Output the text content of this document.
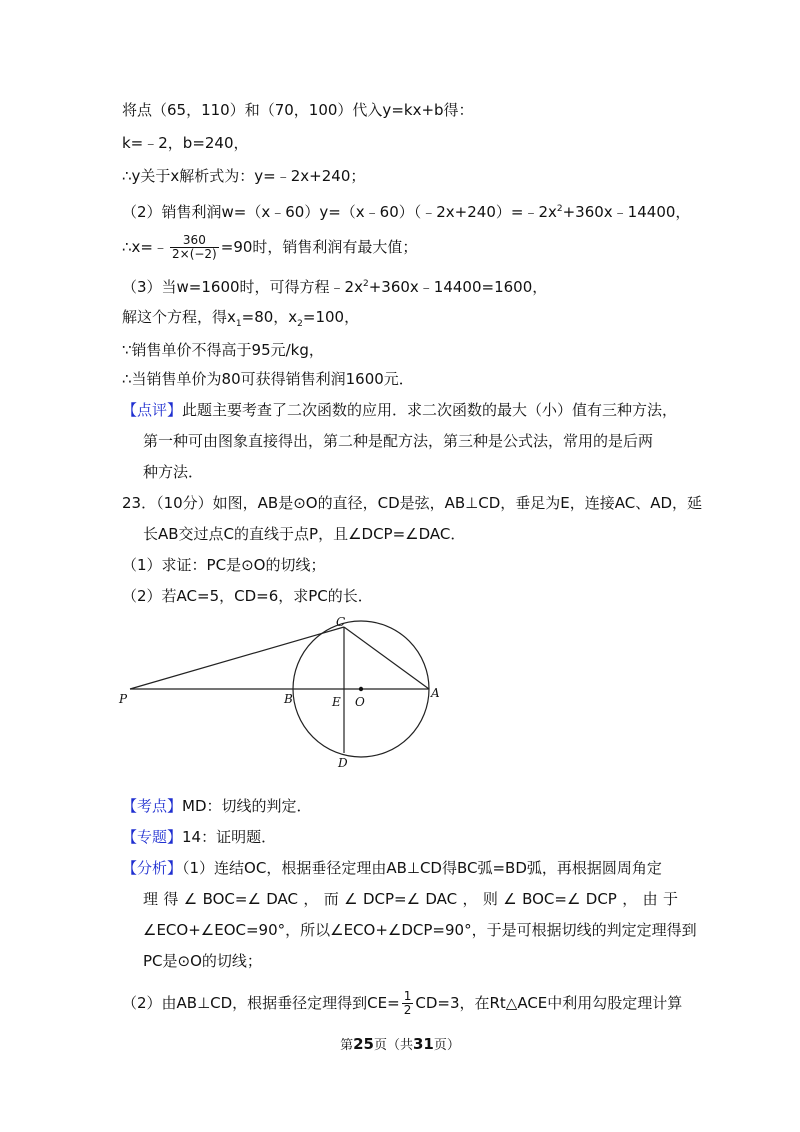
将点（65，110）和（70，100）代入y=kx+b得：
k=﹣2，b=240，
∴y关于x解析式为：y=﹣2x+240；
（2）销售利润$w=(x﹣60)y=(x﹣60)(﹣2x+240)=﹣2x^2+360x﹣14400$，
∴x=﹣ $\frac{360}{2\times(-2)} =90$时，销售利润有最大值；
（3）当w=1600时，可得方程$﹣2x^2+360x﹣14400=1600$，
解这个方程，得$x_1=80$，$x_2=100$，
∵销售单价不得高于95元/kg，
∴当销售单价为80可获得销售利润1600元．
【点评】此题主要考查了二次函数的应用．求二次函数的最大（小）值有三种方法，
第一种可由图象直接得出，第二种是配方法，第三种是公式法，常用的是后两
种方法．
23．（10分）如图，AB是⊙O的直径，CD是弦，AB⊥CD，垂足为E，连接AC、AD，延
长AB交过点C的直线于点P，且∠DCP=∠DAC．
（1）求证：PC是⊙O的切线；
（2）若AC=5，CD=6，求PC的长．
P	B	E O
A
C
D
【考点】MD：切线的判定．
【专题】14：证明题．
【分析】（1）连结OC，根据垂径定理由AB⊥CD得BC弧=BD弧，再根据圆周角定
理 得 ∠ BOC=∠ DAC ， 而 ∠ DCP=∠ DAC ， 则 ∠ BOC=∠ DCP ， 由 于
∠ECO+∠EOC=90°，所以∠ECO+∠DCP=90°，于是可根据切线的判定定理得到
PC是⊙O的切线；
（2）由AB⊥CD，根据垂径定理得到$CE= \frac{1}{2} CD=3$，在Rt△ACE中利用勾股定理计算
第25页（共31页）
